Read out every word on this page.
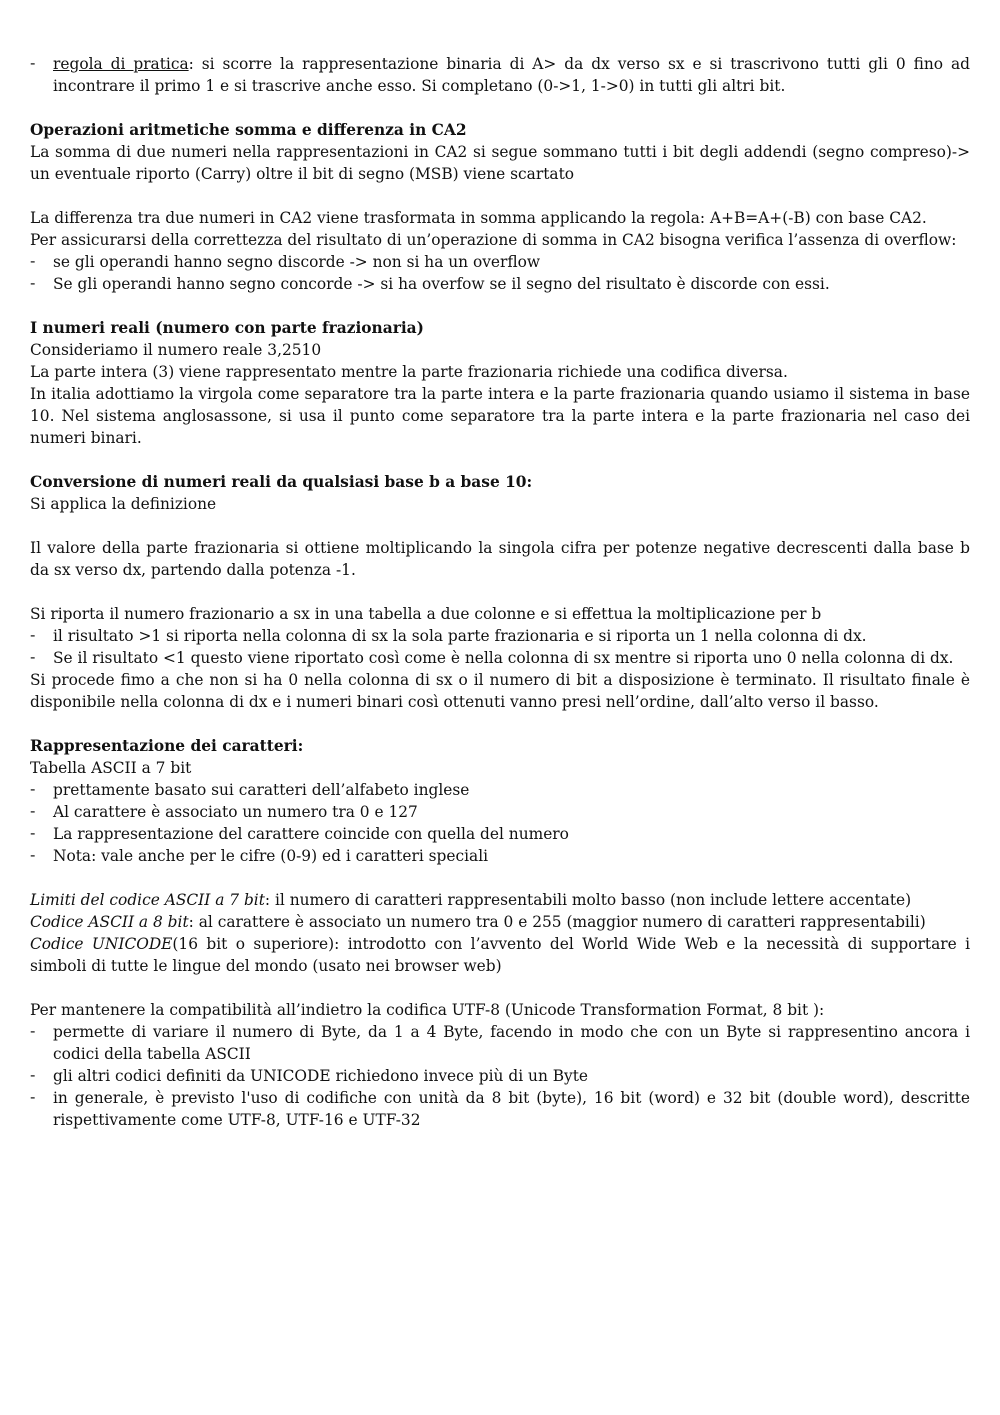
- regola di pratica: si scorre la rappresentazione binaria di A> da dx verso sx e si trascrivono tutti gli 0 fino ad incontrare il primo 1 e si trascrive anche esso. Si completano (0->1, 1->0) in tutti gli altri bit.

Operazioni aritmetiche somma e differenza in CA2

La somma di due numeri nella rappresentazioni in CA2 si segue sommano tutti i bit degli addendi (segno compreso)-> un eventuale riporto (Carry) oltre il bit di segno (MSB) viene scartato

La differenza tra due numeri in CA2 viene trasformata in somma applicando la regola: A+B=A+(-B) con base CA2.

Per assicurarsi della correttezza del risultato di un’operazione di somma in CA2 bisogna verifica l’assenza di overflow:

- se gli operandi hanno segno discorde -> non si ha un overflow
- Se gli operandi hanno segno concorde -> si ha overfow se il segno del risultato è discorde con essi.

I numeri reali (numero con parte frazionaria)

Consideriamo il numero reale 3,2510

La parte intera (3) viene rappresentato mentre la parte frazionaria richiede una codifica diversa.

In italia adottiamo la virgola come separatore tra la parte intera e la parte frazionaria quando usiamo il sistema in base 10. Nel sistema anglosassone, si usa il punto come separatore tra la parte intera e la parte frazionaria nel caso dei numeri binari.

Conversione di numeri reali da qualsiasi base b a base 10:

Si applica la definizione

Il valore della parte frazionaria si ottiene moltiplicando la singola cifra per potenze negative decrescenti dalla base b da sx verso dx, partendo dalla potenza -1.

Si riporta il numero frazionario a sx in una tabella a due colonne e si effettua la moltiplicazione per b

- il risultato >1 si riporta nella colonna di sx la sola parte frazionaria e si riporta un 1 nella colonna di dx.
- Se il risultato <1 questo viene riportato così come è nella colonna di sx mentre si riporta uno 0 nella colonna di dx.

Si procede fimo a che non si ha 0 nella colonna di sx o il numero di bit a disposizione è terminato. Il risultato finale è disponibile nella colonna di dx e i numeri binari così ottenuti vanno presi nell’ordine, dall’alto verso il basso.

Rappresentazione dei caratteri:

Tabella ASCII a 7 bit

- prettamente basato sui caratteri dell’alfabeto inglese
- Al carattere è associato un numero tra 0 e 127
- La rappresentazione del carattere coincide con quella del numero
- Nota: vale anche per le cifre (0-9) ed i caratteri speciali

Limiti del codice ASCII a 7 bit: il numero di caratteri rappresentabili molto basso (non include lettere accentate)

Codice ASCII a 8 bit: al carattere è associato un numero tra 0 e 255 (maggior numero di caratteri rappresentabili)

Codice UNICODE(16 bit o superiore): introdotto con l’avvento del World Wide Web e la necessità di supportare i simboli di tutte le lingue del mondo (usato nei browser web)

Per mantenere la compatibilità all’indietro la codifica UTF-8 (Unicode Transformation Format, 8 bit ):

- permette di variare il numero di Byte, da 1 a 4 Byte, facendo in modo che con un Byte si rappresentino ancora i codici della tabella ASCII
- gli altri codici definiti da UNICODE richiedono invece più di un Byte
- in generale, è previsto l'uso di codifiche con unità da 8 bit (byte), 16 bit (word) e 32 bit (double word), descritte rispettivamente come UTF-8, UTF-16 e UTF-32
